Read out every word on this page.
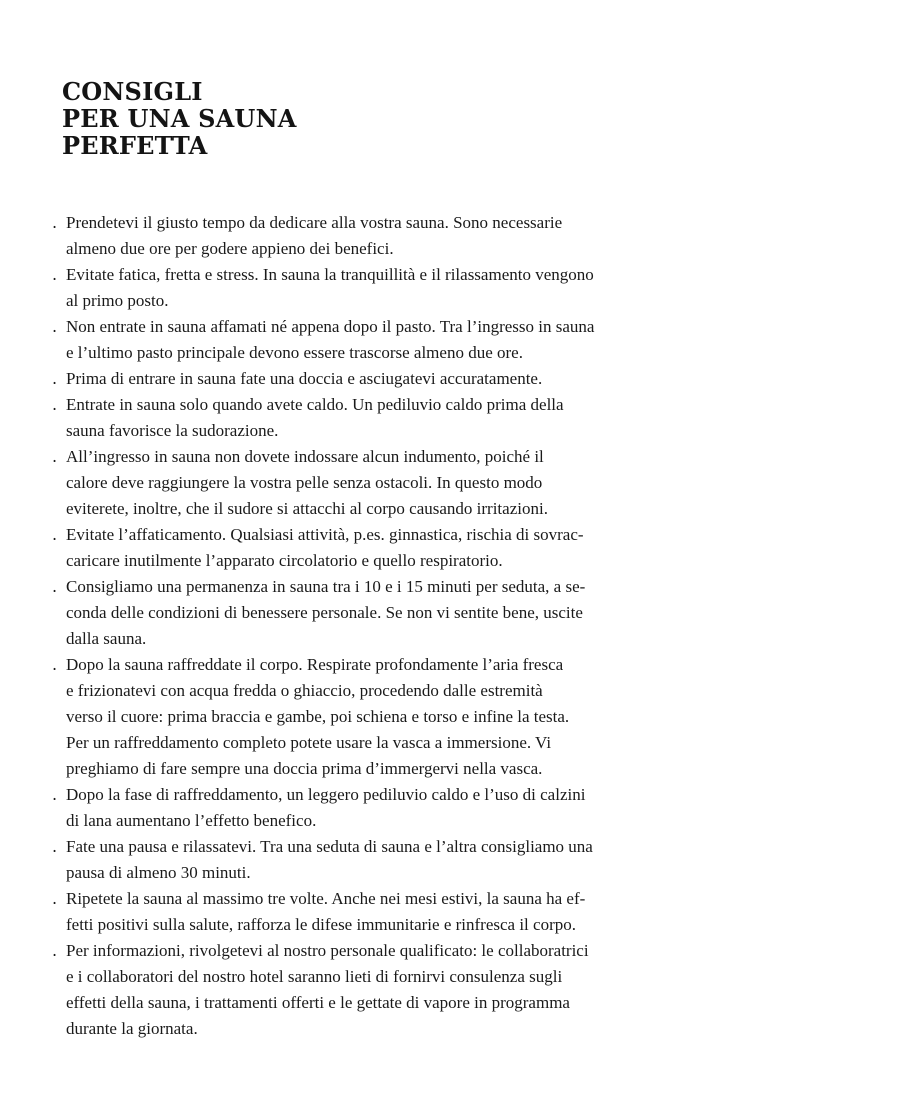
CONSIGLI
PER UNA SAUNA
PERFETTA
. Prendetevi il giusto tempo da dedicare alla vostra sauna. Sono necessarie
almeno due ore per godere appieno dei benefici.
. Evitate fatica, fretta e stress. In sauna la tranquillità e il rilassamento vengono
al primo posto.
. Non entrate in sauna affamati né appena dopo il pasto. Tra l’ingresso in sauna
e l’ultimo pasto principale devono essere trascorse almeno due ore.
. Prima di entrare in sauna fate una doccia e asciugatevi accuratamente.
. Entrate in sauna solo quando avete caldo. Un pediluvio caldo prima della
sauna favorisce la sudorazione.
. All’ingresso in sauna non dovete indossare alcun indumento, poiché il
calore deve raggiungere la vostra pelle senza ostacoli. In questo modo
eviterete, inoltre, che il sudore si attacchi al corpo causando irritazioni.
. Evitate l’affaticamento. Qualsiasi attività, p.es. ginnastica, rischia di sovrac-
caricare inutilmente l’apparato circolatorio e quello respiratorio.
. Consigliamo una permanenza in sauna tra i 10 e i 15 minuti per seduta, a se-
conda delle condizioni di benessere personale. Se non vi sentite bene, uscite
dalla sauna.
. Dopo la sauna raffreddate il corpo. Respirate profondamente l’aria fresca
e frizionatevi con acqua fredda o ghiaccio, procedendo dalle estremità
verso il cuore: prima braccia e gambe, poi schiena e torso e infine la testa.
Per un raffreddamento completo potete usare la vasca a immersione. Vi
preghiamo di fare sempre una doccia prima d’immergervi nella vasca.
. Dopo la fase di raffreddamento, un leggero pediluvio caldo e l’uso di calzini
di lana aumentano l’effetto benefico.
. Fate una pausa e rilassatevi. Tra una seduta di sauna e l’altra consigliamo una
pausa di almeno 30 minuti.
. Ripetete la sauna al massimo tre volte. Anche nei mesi estivi, la sauna ha ef-
fetti positivi sulla salute, rafforza le difese immunitarie e rinfresca il corpo.
. Per informazioni, rivolgetevi al nostro personale qualificato: le collaboratrici
e i collaboratori del nostro hotel saranno lieti di fornirvi consulenza sugli
effetti della sauna, i trattamenti offerti e le gettate di vapore in programma
durante la giornata.
